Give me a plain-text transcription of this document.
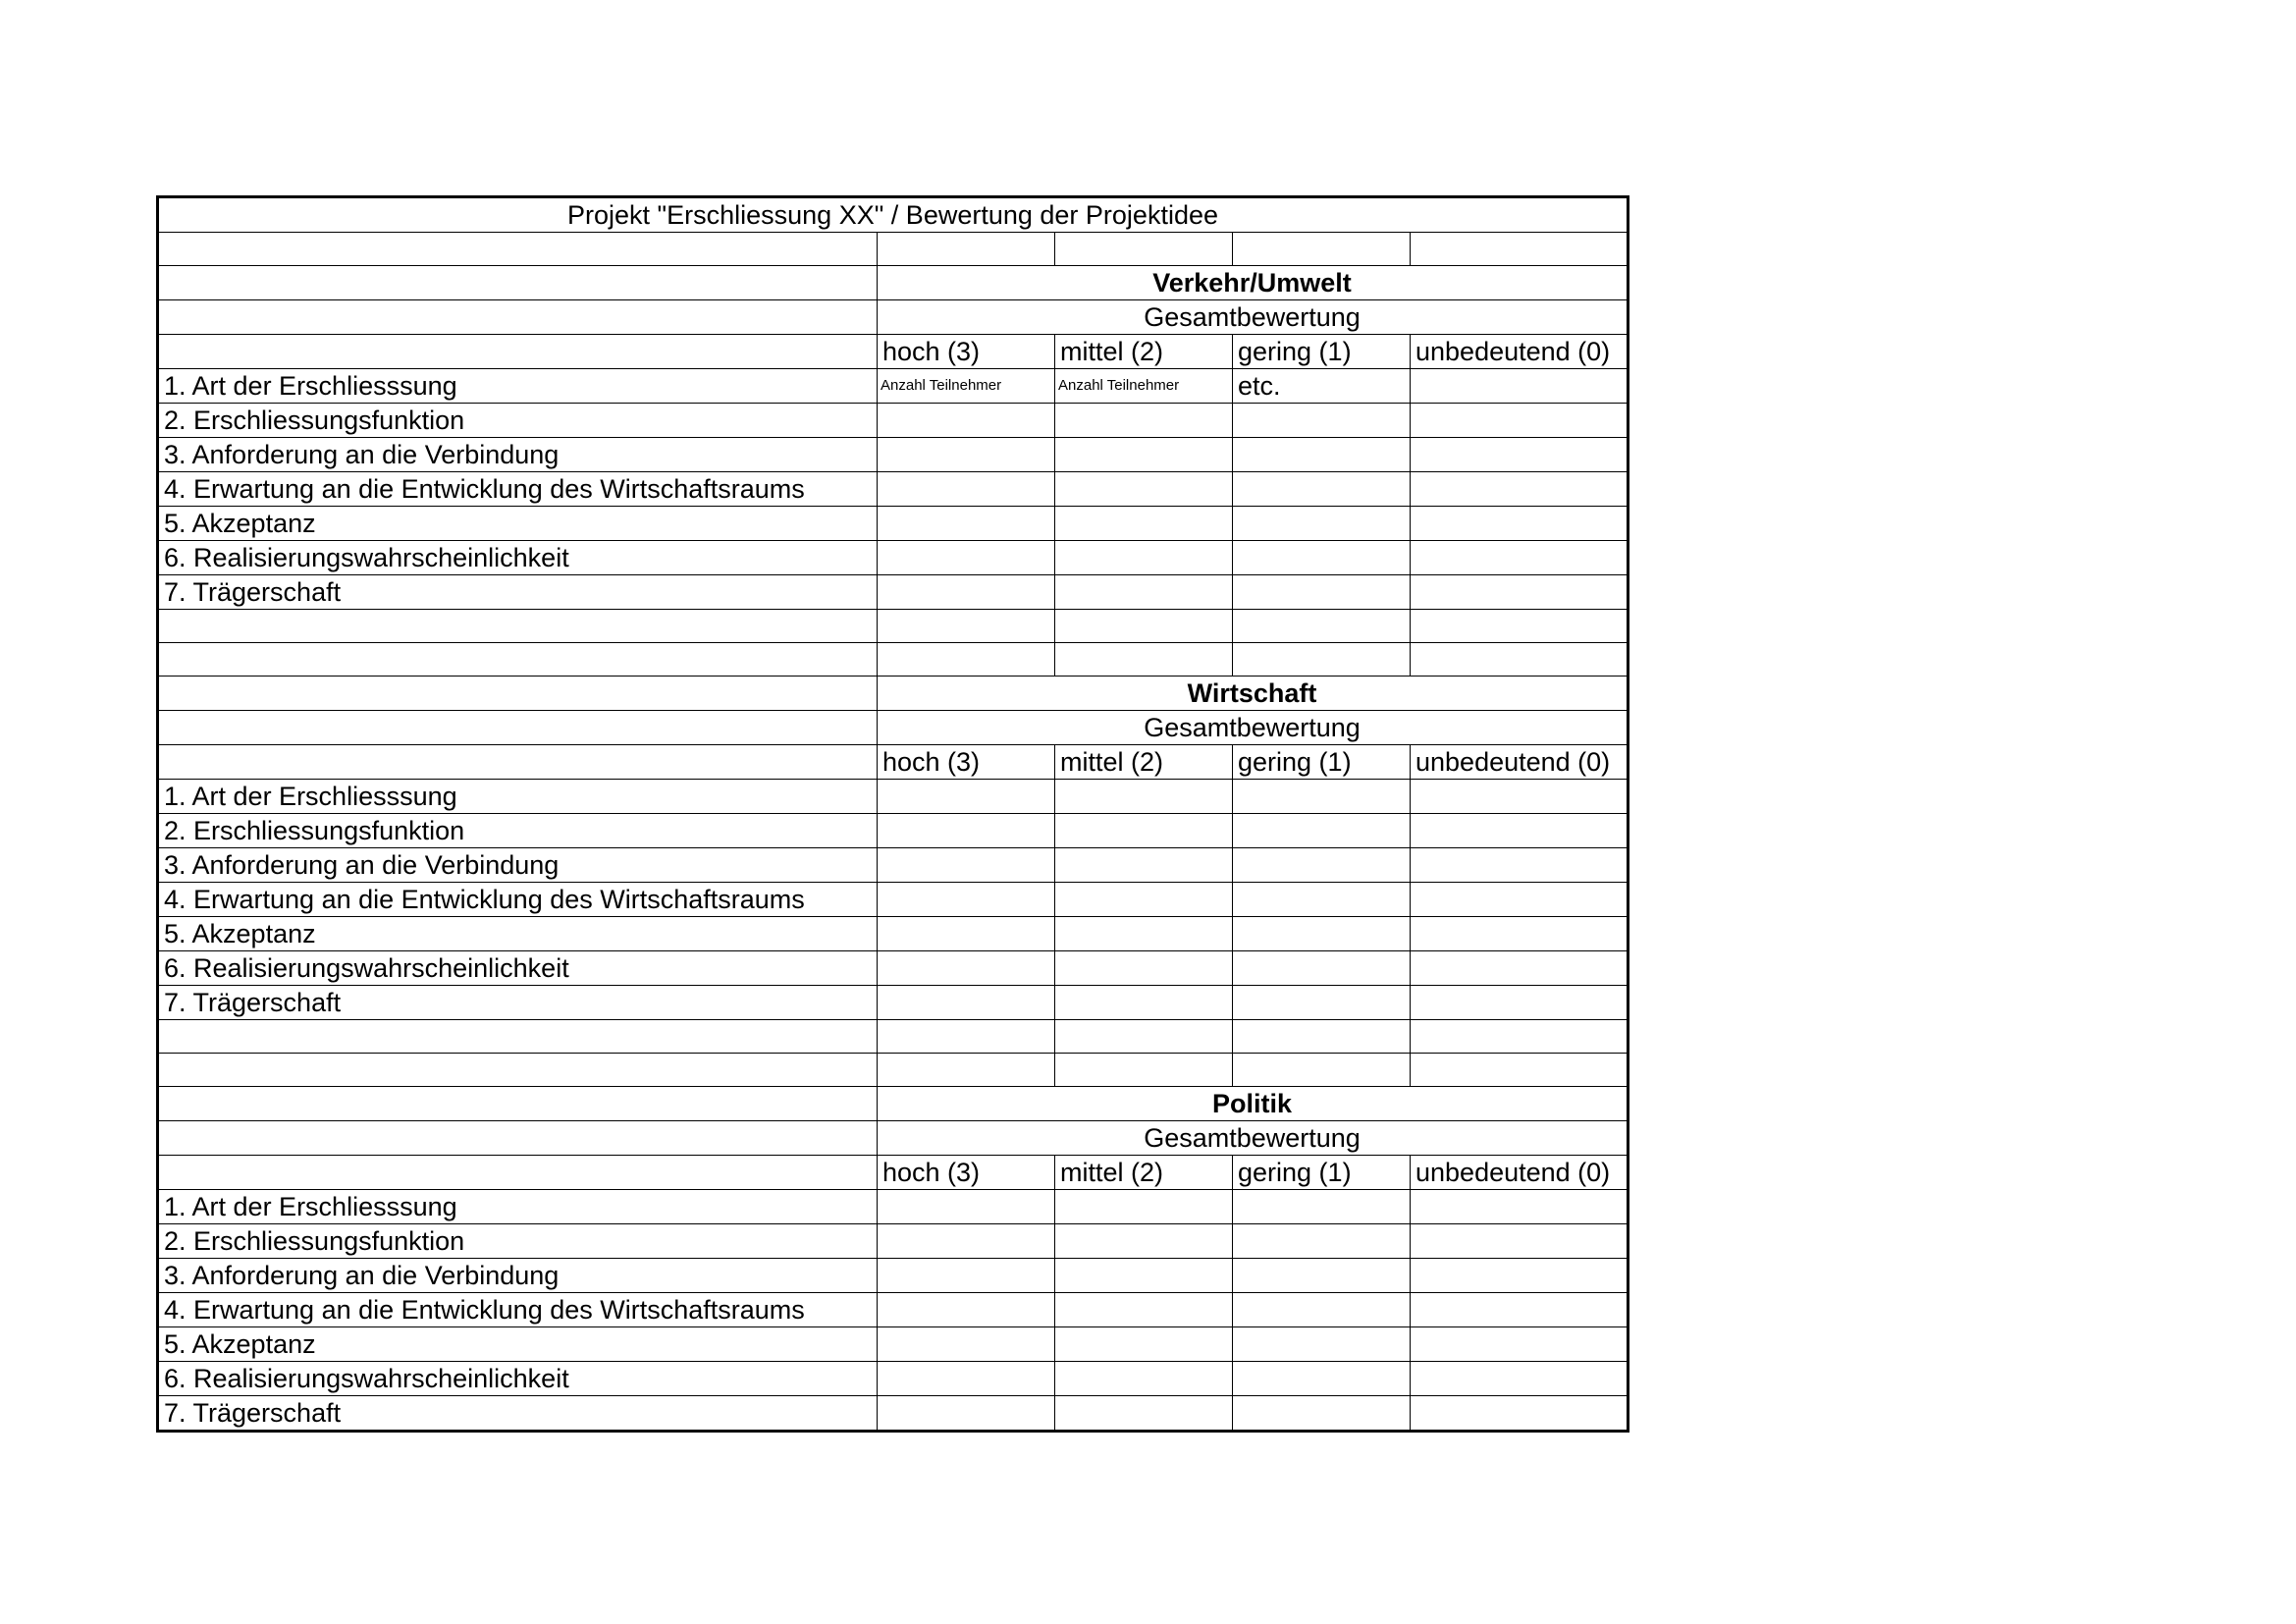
Projekt "Erschliessung XX" / Bewertung der Projektidee				

	Verkehr/Umwelt			
	Gesamtbewertung			
	hoch (3)	mittel (2)	gering (1)	unbedeutend (0)
1. Art der Erschliesssung	Anzahl Teilnehmer	Anzahl Teilnehmer	etc.	
2. Erschliessungsfunktion				
3. Anforderung an die Verbindung				
4. Erwartung an die Entwicklung des Wirtschaftsraums				
5. Akzeptanz				
6. Realisierungswahrscheinlichkeit				
7. Trägerschaft				

	Wirtschaft			
	Gesamtbewertung			
	hoch (3)	mittel (2)	gering (1)	unbedeutend (0)
1. Art der Erschliesssung				
2. Erschliessungsfunktion				
3. Anforderung an die Verbindung				
4. Erwartung an die Entwicklung des Wirtschaftsraums				
5. Akzeptanz				
6. Realisierungswahrscheinlichkeit				
7. Trägerschaft				

	Politik			
	Gesamtbewertung			
	hoch (3)	mittel (2)	gering (1)	unbedeutend (0)
1. Art der Erschliesssung				
2. Erschliessungsfunktion				
3. Anforderung an die Verbindung				
4. Erwartung an die Entwicklung des Wirtschaftsraums				
5. Akzeptanz				
6. Realisierungswahrscheinlichkeit				
7. Trägerschaft				
